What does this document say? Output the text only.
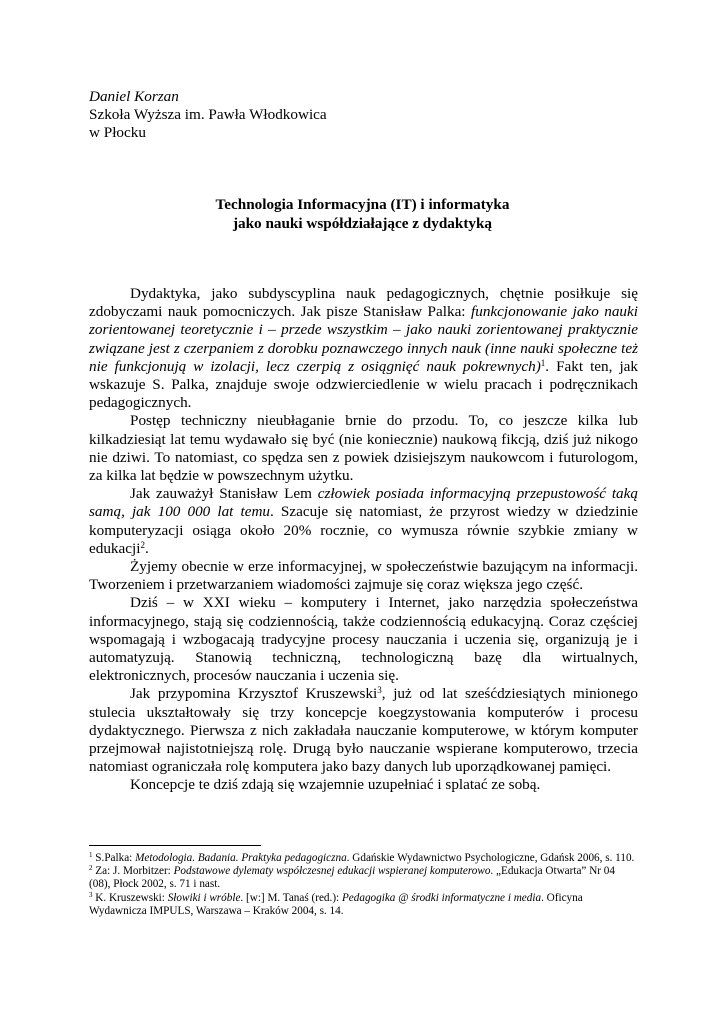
Daniel Korzan
Szkoła Wyższa im. Pawła Włodkowica
w Płocku
Technologia Informacyjna (IT) i informatyka
jako nauki współdziałające z dydaktyką

Dydaktyka, jako subdyscyplina nauk pedagogicznych, chętnie posiłkuje się zdobyczami nauk pomocniczych. Jak pisze Stanisław Palka: funkcjonowanie jako nauki zorientowanej teoretycznie i – przede wszystkim – jako nauki zorientowanej praktycznie związane jest z czerpaniem z dorobku poznawczego innych nauk (inne nauki społeczne też nie funkcjonują w izolacji, lecz czerpią z osiągnięć nauk pokrewnych)$^1$. Fakt ten, jak wskazuje S. Palka, znajduje swoje odzwierciedlenie w wielu pracach i podręcznikach pedagogicznych.

Postęp techniczny nieubłaganie brnie do przodu. To, co jeszcze kilka lub kilkadziesiąt lat temu wydawało się być (nie koniecznie) naukową fikcją, dziś już nikogo nie dziwi. To natomiast, co spędza sen z powiek dzisiejszym naukowcom i futurologom, za kilka lat będzie w powszechnym użytku.

Jak zauważył Stanisław Lem człowiek posiada informacyjną przepustowość taką samą, jak 100 000 lat temu. Szacuje się natomiast, że przyrost wiedzy w dziedzinie komputeryzacji osiąga około 20% rocznie, co wymusza równie szybkie zmiany w edukacji$^2$.

Żyjemy obecnie w erze informacyjnej, w społeczeństwie bazującym na informacji. Tworzeniem i przetwarzaniem wiadomości zajmuje się coraz większa jego część.

Dziś – w XXI wieku – komputery i Internet, jako narzędzia społeczeństwa informacyjnego, stają się codziennością, także codziennością edukacyjną. Coraz częściej wspomagają i wzbogacają tradycyjne procesy nauczania i uczenia się, organizują je i automatyzują. Stanowią techniczną, technologiczną bazę dla wirtualnych, elektronicznych, procesów nauczania i uczenia się.

Jak przypomina Krzysztof Kruszewski$^3$, już od lat sześćdziesiątych minionego stulecia ukształtowały się trzy koncepcje koegzystowania komputerów i procesu dydaktycznego. Pierwsza z nich zakładała nauczanie komputerowe, w którym komputer przejmował najistotniejszą rolę. Drugą było nauczanie wspierane komputerowo, trzecia natomiast ograniczała rolę komputera jako bazy danych lub uporządkowanej pamięci.

Koncepcje te dziś zdają się wzajemnie uzupełniać i splatać ze sobą.

$^1$ S.Palka: Metodologia. Badania. Praktyka pedagogiczna. Gdańskie Wydawnictwo Psychologiczne, Gdańsk 2006, s. 110.

$^2$ Za: J. Morbitzer: Podstawowe dylematy współczesnej edukacji wspieranej komputerowo. „Edukacja Otwarta” Nr 04 (08), Płock 2002, s. 71 i nast.

$^3$ K. Kruszewski: Słowiki i wróble. [w:] M. Tanaś (red.): Pedagogika @ środki informatyczne i media. Oficyna Wydawnicza IMPULS, Warszawa – Kraków 2004, s. 14.
